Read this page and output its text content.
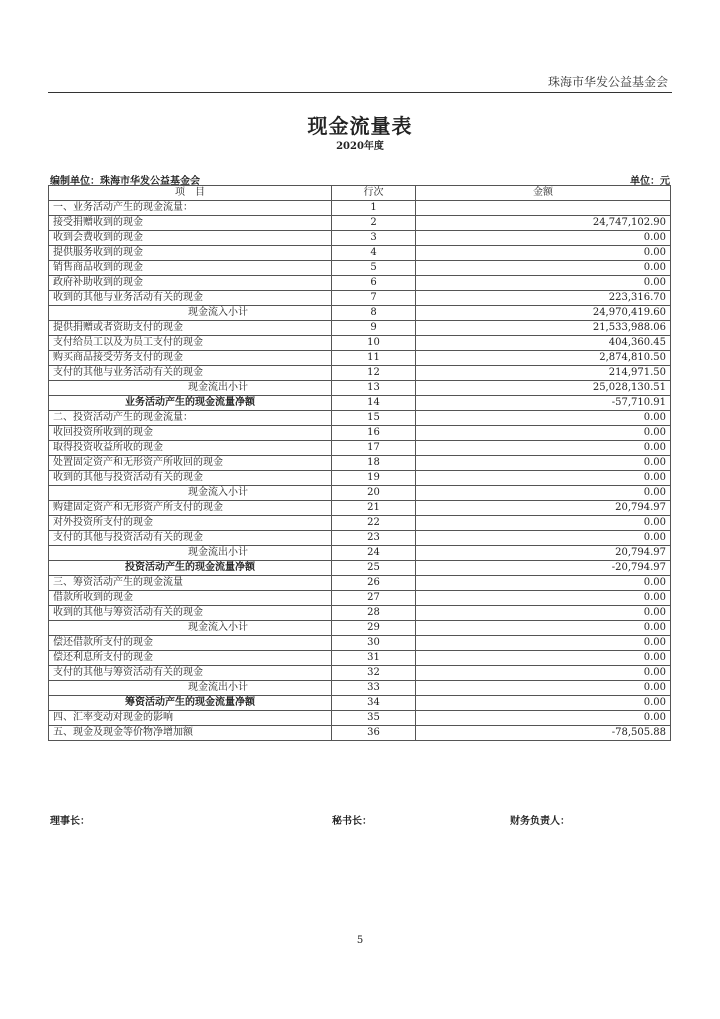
珠海市华发公益基金会
现金流量表
2020年度
编制单位：珠海市华发公益基金会	单位：元
项　目	行次	金额
一、业务活动产生的现金流量：	1	
接受捐赠收到的现金	2	24,747,102.90
收到会费收到的现金	3	0.00
提供服务收到的现金	4	0.00
销售商品收到的现金	5	0.00
政府补助收到的现金	6	0.00
收到的其他与业务活动有关的现金	7	223,316.70
现金流入小计	8	24,970,419.60
提供捐赠或者资助支付的现金	9	21,533,988.06
支付给员工以及为员工支付的现金	10	404,360.45
购买商品接受劳务支付的现金	11	2,874,810.50
支付的其他与业务活动有关的现金	12	214,971.50
现金流出小计	13	25,028,130.51
业务活动产生的现金流量净额	14	-57,710.91
二、投资活动产生的现金流量：	15	0.00
收回投资所收到的现金	16	0.00
取得投资收益所收的现金	17	0.00
处置固定资产和无形资产所收回的现金	18	0.00
收到的其他与投资活动有关的现金	19	0.00
现金流入小计	20	0.00
购建固定资产和无形资产所支付的现金	21	20,794.97
对外投资所支付的现金	22	0.00
支付的其他与投资活动有关的现金	23	0.00
现金流出小计	24	20,794.97
投资活动产生的现金流量净额	25	-20,794.97
三、筹资活动产生的现金流量	26	0.00
借款所收到的现金	27	0.00
收到的其他与筹资活动有关的现金	28	0.00
现金流入小计	29	0.00
偿还借款所支付的现金	30	0.00
偿还利息所支付的现金	31	0.00
支付的其他与筹资活动有关的现金	32	0.00
现金流出小计	33	0.00
筹资活动产生的现金流量净额	34	0.00
四、汇率变动对现金的影响	35	0.00
五、现金及现金等价物净增加额	36	-78,505.88
理事长：	秘书长：	财务负责人：
5
